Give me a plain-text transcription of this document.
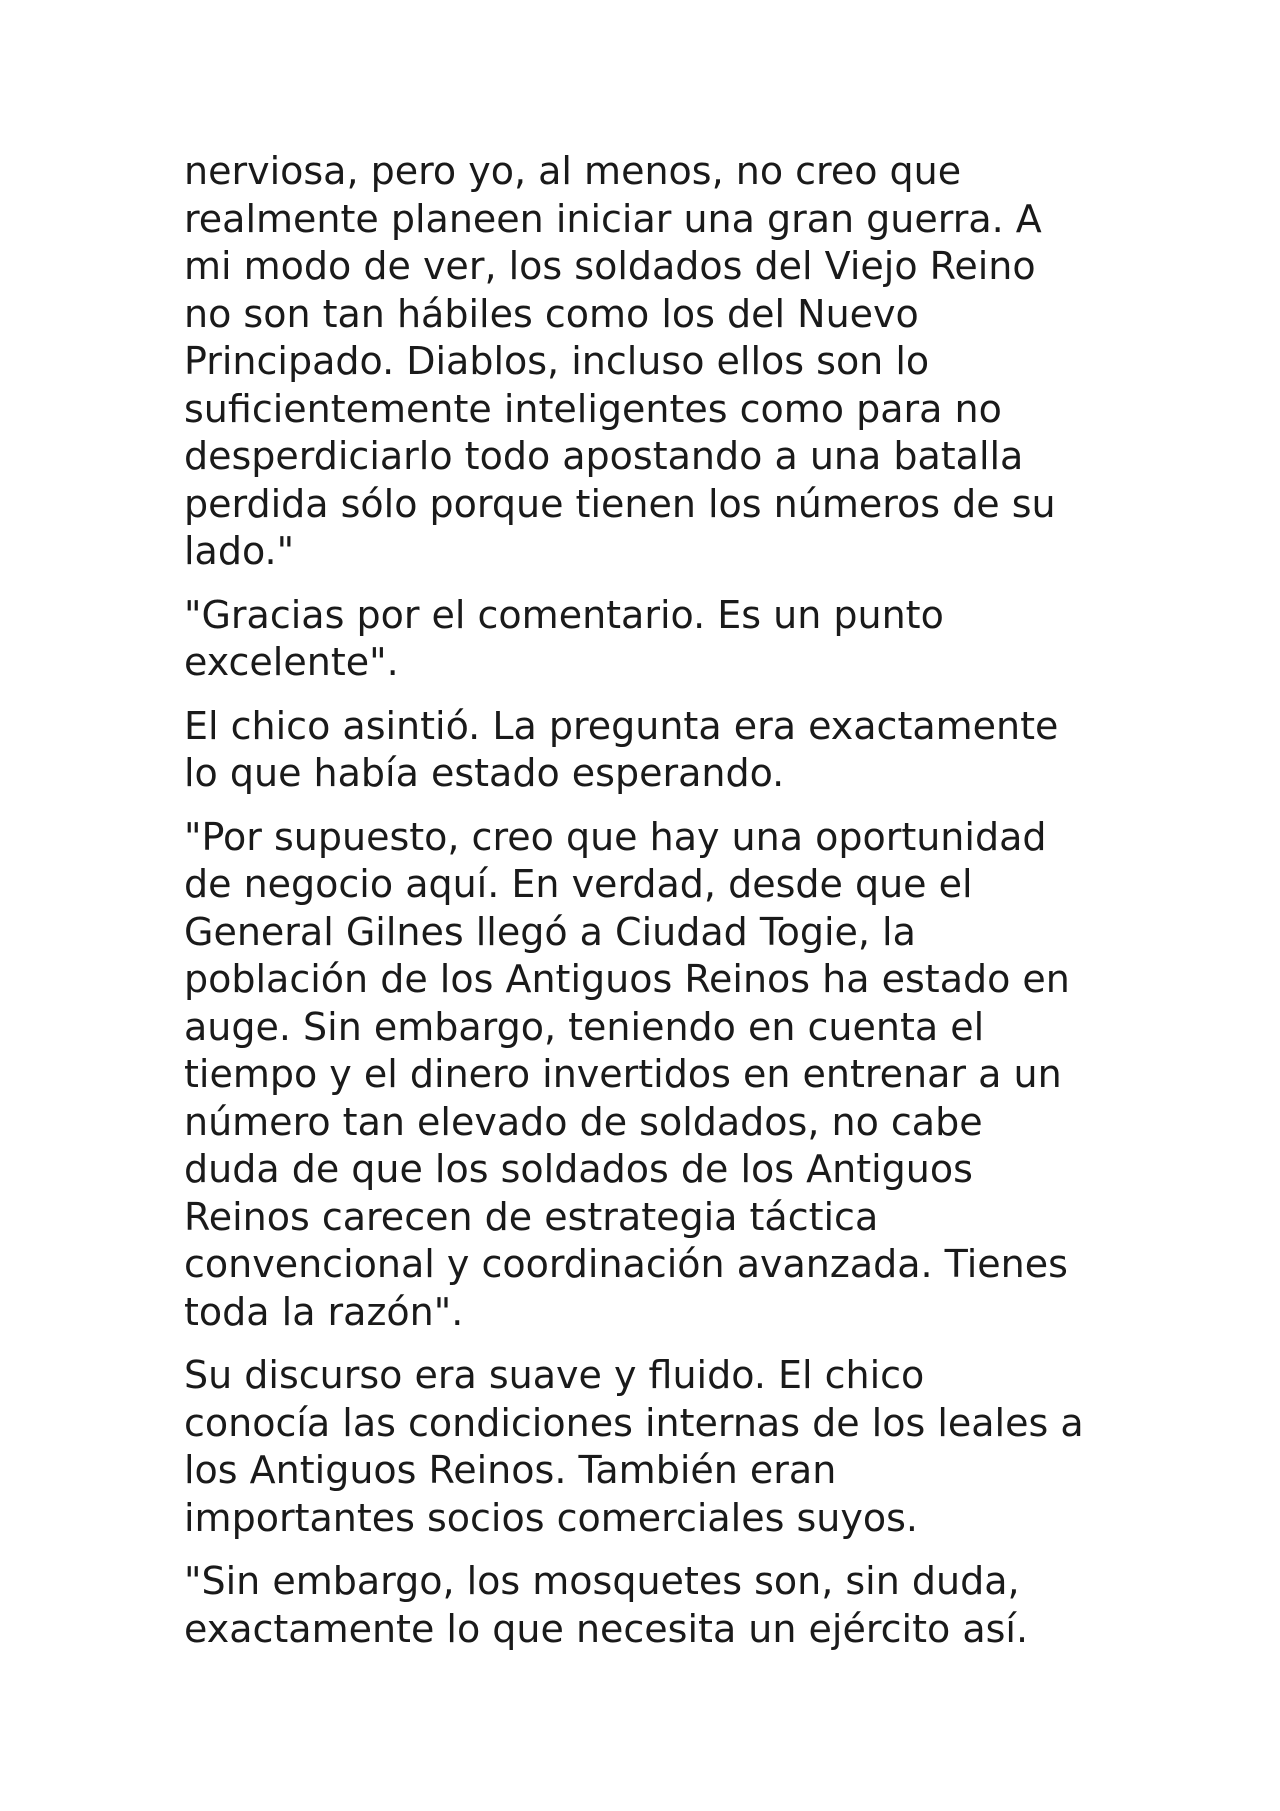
nerviosa, pero yo, al menos, no creo que
realmente planeen iniciar una gran guerra. A
mi modo de ver, los soldados del Viejo Reino
no son tan hábiles como los del Nuevo
Principado. Diablos, incluso ellos son lo
suficientemente inteligentes como para no
desperdiciarlo todo apostando a una batalla
perdida sólo porque tienen los números de su
lado."

"Gracias por el comentario. Es un punto
excelente".

El chico asintió. La pregunta era exactamente
lo que había estado esperando.

"Por supuesto, creo que hay una oportunidad
de negocio aquí. En verdad, desde que el
General Gilnes llegó a Ciudad Togie, la
población de los Antiguos Reinos ha estado en
auge. Sin embargo, teniendo en cuenta el
tiempo y el dinero invertidos en entrenar a un
número tan elevado de soldados, no cabe
duda de que los soldados de los Antiguos
Reinos carecen de estrategia táctica
convencional y coordinación avanzada. Tienes
toda la razón".

Su discurso era suave y fluido. El chico
conocía las condiciones internas de los leales a
los Antiguos Reinos. También eran
importantes socios comerciales suyos.

"Sin embargo, los mosquetes son, sin duda,
exactamente lo que necesita un ejército así.
